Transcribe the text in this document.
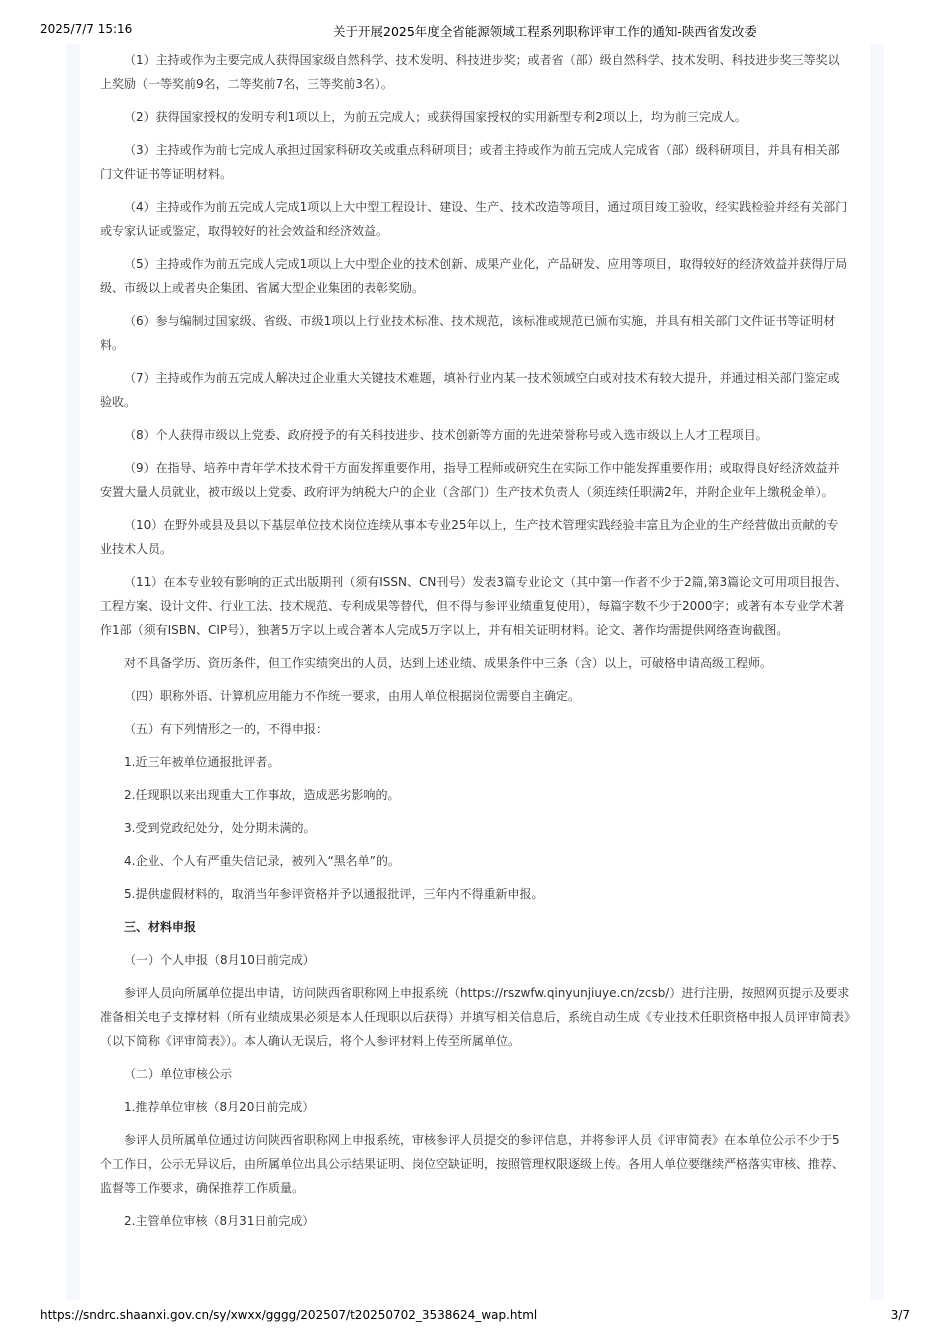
2025/7/7 15:16	关于开展2025年度全省能源领域工程系列职称评审工作的通知-陕西省发改委

（1）主持或作为主要完成人获得国家级自然科学、技术发明、科技进步奖；或者省（部）级自然科学、技术发明、科技进步奖三等奖以上奖励（一等奖前9名，二等奖前7名，三等奖前3名）。

（2）获得国家授权的发明专利1项以上，为前五完成人；或获得国家授权的实用新型专利2项以上，均为前三完成人。

（3）主持或作为前七完成人承担过国家科研攻关或重点科研项目；或者主持或作为前五完成人完成省（部）级科研项目，并具有相关部门文件证书等证明材料。

（4）主持或作为前五完成人完成1项以上大中型工程设计、建设、生产、技术改造等项目，通过项目竣工验收，经实践检验并经有关部门或专家认证或鉴定，取得较好的社会效益和经济效益。

（5）主持或作为前五完成人完成1项以上大中型企业的技术创新、成果产业化，产品研发、应用等项目，取得较好的经济效益并获得厅局级、市级以上或者央企集团、省属大型企业集团的表彰奖励。

（6）参与编制过国家级、省级、市级1项以上行业技术标准、技术规范，该标准或规范已颁布实施，并具有相关部门文件证书等证明材料。

（7）主持或作为前五完成人解决过企业重大关键技术难题，填补行业内某一技术领域空白或对技术有较大提升，并通过相关部门鉴定或验收。

（8）个人获得市级以上党委、政府授予的有关科技进步、技术创新等方面的先进荣誉称号或入选市级以上人才工程项目。

（9）在指导、培养中青年学术技术骨干方面发挥重要作用，指导工程师或研究生在实际工作中能发挥重要作用；或取得良好经济效益并安置大量人员就业，被市级以上党委、政府评为纳税大户的企业（含部门）生产技术负责人（须连续任职满2年，并附企业年上缴税金单）。

（10）在野外或县及县以下基层单位技术岗位连续从事本专业25年以上，生产技术管理实践经验丰富且为企业的生产经营做出贡献的专业技术人员。

（11）在本专业较有影响的正式出版期刊（须有ISSN、CN刊号）发表3篇专业论文（其中第一作者不少于2篇,第3篇论文可用项目报告、工程方案、设计文件、行业工法、技术规范、专利成果等替代，但不得与参评业绩重复使用），每篇字数不少于2000字；或著有本专业学术著作1部（须有ISBN、CIP号），独著5万字以上或合著本人完成5万字以上，并有相关证明材料。论文、著作均需提供网络查询截图。

对不具备学历、资历条件，但工作实绩突出的人员，达到上述业绩、成果条件中三条（含）以上，可破格申请高级工程师。

（四）职称外语、计算机应用能力不作统一要求，由用人单位根据岗位需要自主确定。

（五）有下列情形之一的，不得申报：

1.近三年被单位通报批评者。

2.任现职以来出现重大工作事故，造成恶劣影响的。

3.受到党政纪处分，处分期未满的。

4.企业、个人有严重失信记录，被列入“黑名单”的。

5.提供虚假材料的，取消当年参评资格并予以通报批评，三年内不得重新申报。

三、材料申报

（一）个人申报（8月10日前完成）

参评人员向所属单位提出申请，访问陕西省职称网上申报系统（https://rszwfw.qinyunjiuye.cn/zcsb/）进行注册，按照网页提示及要求准备相关电子支撑材料（所有业绩成果必须是本人任现职以后获得）并填写相关信息后，系统自动生成《专业技术任职资格申报人员评审简表》（以下简称《评审简表》）。本人确认无误后，将个人参评材料上传至所属单位。

（二）单位审核公示

1.推荐单位审核（8月20日前完成）

参评人员所属单位通过访问陕西省职称网上申报系统，审核参评人员提交的参评信息，并将参评人员《评审简表》在本单位公示不少于5个工作日，公示无异议后，由所属单位出具公示结果证明、岗位空缺证明，按照管理权限逐级上传。各用人单位要继续严格落实审核、推荐、监督等工作要求，确保推荐工作质量。

2.主管单位审核（8月31日前完成）

https://sndrc.shaanxi.gov.cn/sy/xwxx/gggg/202507/t20250702_3538624_wap.html	3/7
